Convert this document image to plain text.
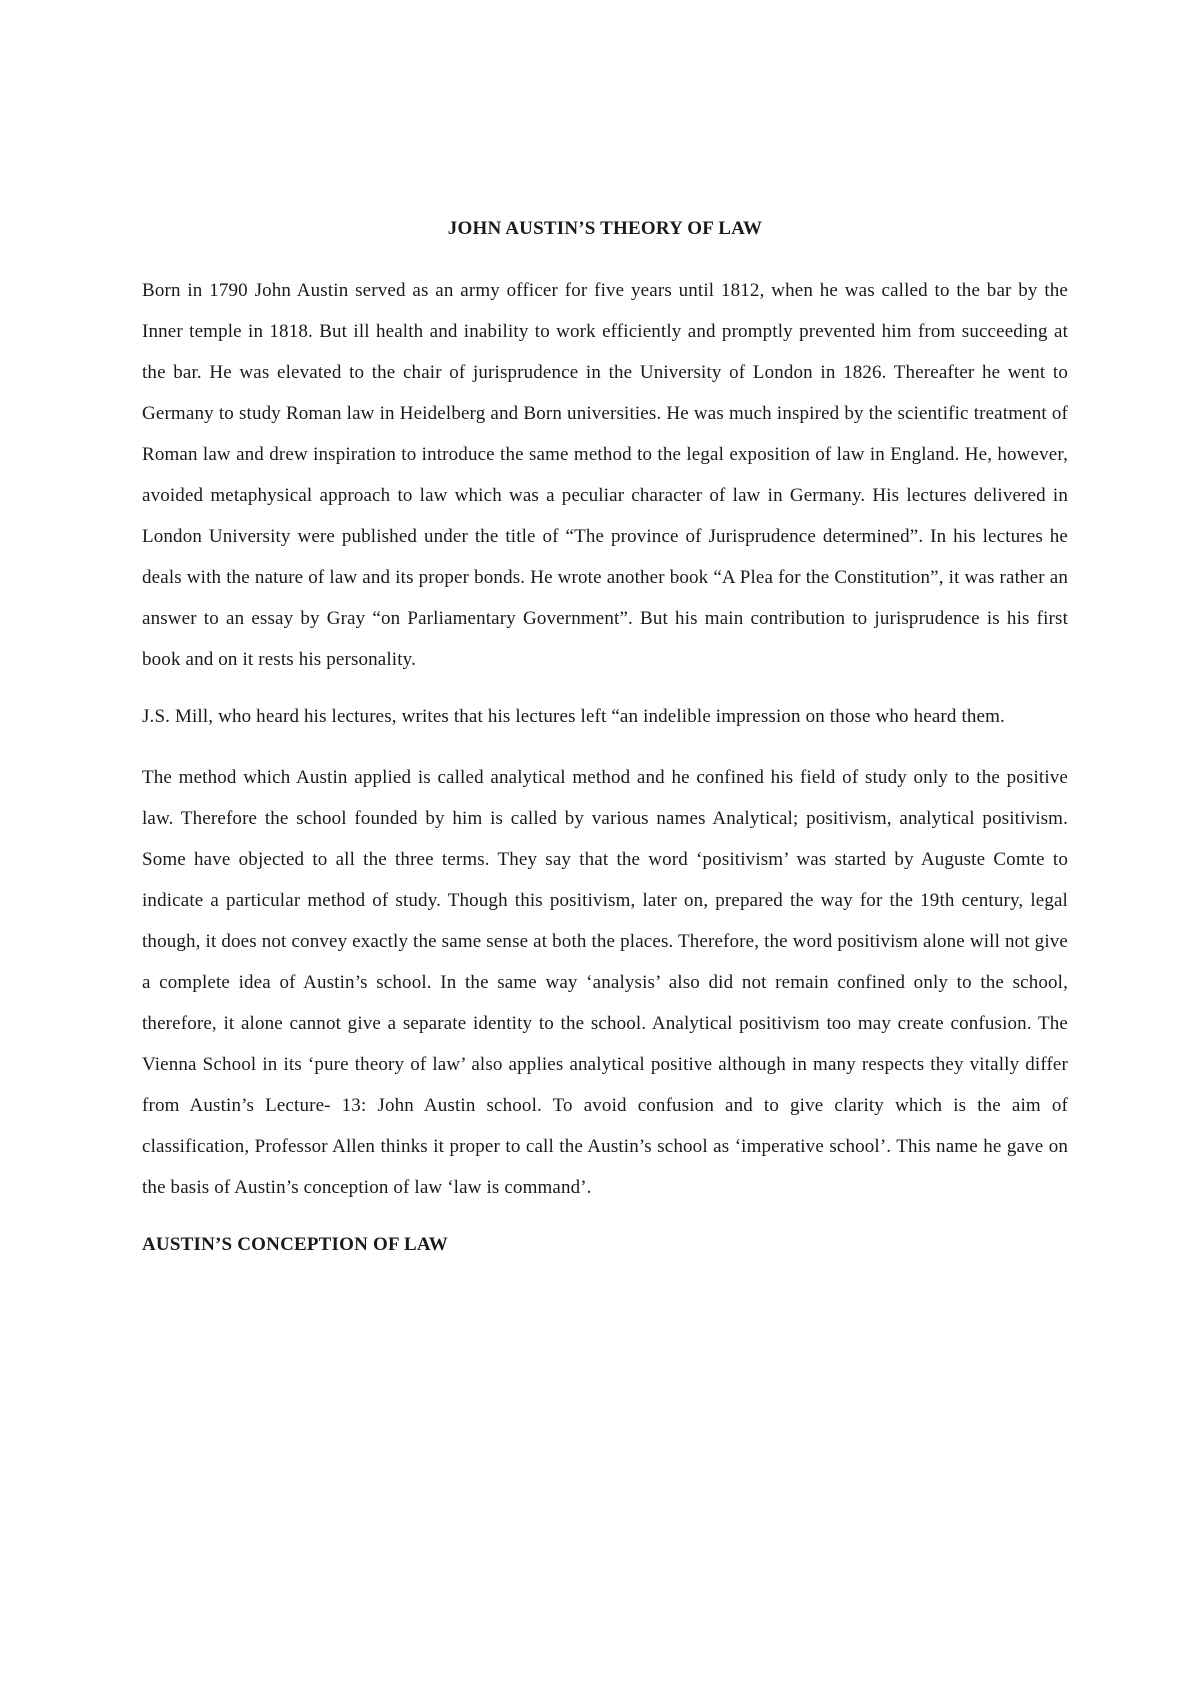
JOHN AUSTIN’S THEORY OF LAW

Born in 1790 John Austin served as an army officer for five years until 1812, when he was called to the bar by the Inner temple in 1818. But ill health and inability to work efficiently and promptly prevented him from succeeding at the bar. He was elevated to the chair of jurisprudence in the University of London in 1826. Thereafter he went to Germany to study Roman law in Heidelberg and Born universities. He was much inspired by the scientific treatment of Roman law and drew inspiration to introduce the same method to the legal exposition of law in England. He, however, avoided metaphysical approach to law which was a peculiar character of law in Germany. His lectures delivered in London University were published under the title of “The province of Jurisprudence determined”. In his lectures he deals with the nature of law and its proper bonds. He wrote another book “A Plea for the Constitution”, it was rather an answer to an essay by Gray “on Parliamentary Government”. But his main contribution to jurisprudence is his first book and on it rests his personality.

J.S. Mill, who heard his lectures, writes that his lectures left “an indelible impression on those who heard them.

The method which Austin applied is called analytical method and he confined his field of study only to the positive law. Therefore the school founded by him is called by various names Analytical; positivism, analytical positivism. Some have objected to all the three terms. They say that the word ‘positivism’ was started by Auguste Comte to indicate a particular method of study. Though this positivism, later on, prepared the way for the 19th century, legal though, it does not convey exactly the same sense at both the places. Therefore, the word positivism alone will not give a complete idea of Austin’s school. In the same way ‘analysis’ also did not remain confined only to the school, therefore, it alone cannot give a separate identity to the school. Analytical positivism too may create confusion. The Vienna School in its ‘pure theory of law’ also applies analytical positive although in many respects they vitally differ from Austin’s Lecture- 13: John Austin school. To avoid confusion and to give clarity which is the aim of classification, Professor Allen thinks it proper to call the Austin’s school as ‘imperative school’. This name he gave on the basis of Austin’s conception of law ‘law is command’.

AUSTIN’S CONCEPTION OF LAW
